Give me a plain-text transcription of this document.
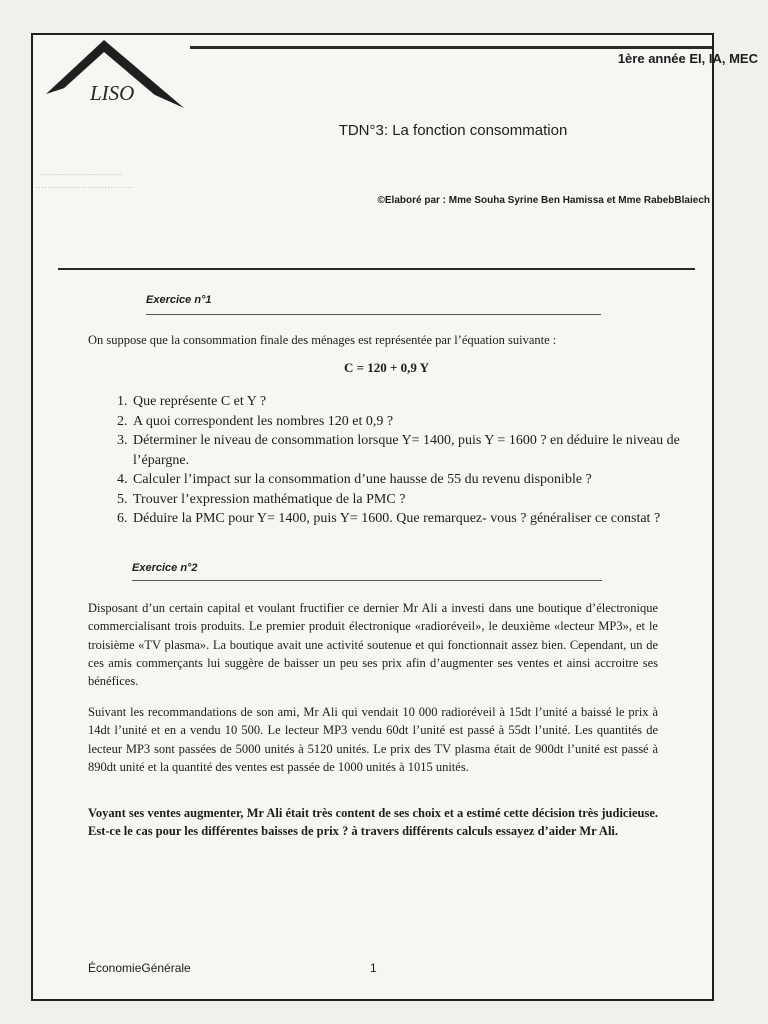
1ère année EI, IA, MEC
LISO
······················································
··································
TDN°3: La fonction consommation
©Elaboré par : Mme Souha Syrine Ben Hamissa et Mme RabebBlaiech
Exercice n°1
On suppose que la consommation finale des ménages est représentée par l’équation suivante :
C = 120 + 0,9 Y
1. Que représente C et Y ?
2. A quoi correspondent les nombres 120 et 0,9 ?
3. Déterminer le niveau de consommation lorsque Y= 1400, puis Y = 1600 ? en déduire le niveau de l’épargne.
4. Calculer l’impact sur la consommation d’une hausse de 55 du revenu disponible ?
5. Trouver l’expression mathématique de la PMC ?
6. Déduire la PMC pour Y= 1400, puis Y= 1600. Que remarquez- vous ? généraliser ce constat ?
Exercice n°2
Disposant d’un certain capital et voulant fructifier ce dernier Mr Ali a investi dans une boutique d’électronique commercialisant trois produits. Le premier produit électronique «radioréveil», le deuxième «lecteur MP3», et le troisième «TV plasma». La boutique avait une activité soutenue et qui fonctionnait assez bien. Cependant, un de ces amis commerçants lui suggère de baisser un peu ses prix afin d’augmenter ses ventes et ainsi accroitre ses bénéfices.
Suivant les recommandations de son ami, Mr Ali qui vendait 10 000 radioréveil à 15dt l’unité a baissé le prix à 14dt l’unité et en a vendu 10 500. Le lecteur MP3 vendu 60dt l’unité est passé à 55dt l’unité. Les quantités de lecteur MP3 sont passées de 5000 unités à 5120 unités. Le prix des TV plasma était de 900dt l’unité est passé à 890dt unité et la quantité des ventes est passée de 1000 unités à 1015 unités.
Voyant ses ventes augmenter, Mr Ali était très content de ses choix et a estimé cette décision très judicieuse. Est-ce le cas pour les différentes baisses de prix ? à travers différents calculs essayez d’aider Mr Ali.
ÉconomieGénérale	1
